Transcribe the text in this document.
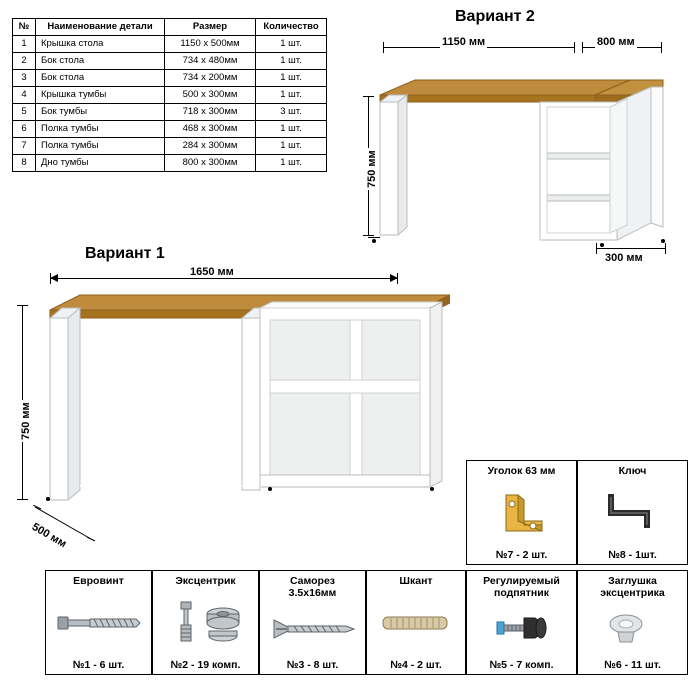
№	Наименование детали	Размер	Количество
1	Крышка стола	1150 х 500мм	1 шт.
2	Бок стола	734 х 480мм	1 шт.
3	Бок стола	734 х 200мм	1 шт.
4	Крышка тумбы	500 х 300мм	1 шт.
5	Бок тумбы	718 х 300мм	3 шт.
6	Полка тумбы	468 х 300мм	1 шт.
7	Полка тумбы	284 х 300мм	1 шт.
8	Дно тумбы	800 х 300мм	1 шт.
Вариант 2
1150 мм	800 мм
750 мм
300 мм
Вариант 1
1650 мм
750 мм
500 мм
Уголок 63 мм
№7 - 2 шт.
Ключ
№8 - 1шт.
Еврoвинт
№1 - 6 шт.
Эксцентрик
№2 - 19 комп.
Саморез
3.5х16мм
№3 - 8 шт.
Шкант
№4 - 2 шт.
Регулируемый
подпятник
№5 - 7 комп.
Заглушка
эксцентрика
№6 - 11 шт.
